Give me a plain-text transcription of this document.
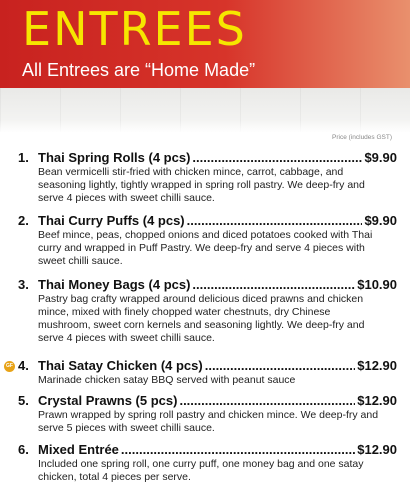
ENTREES
All Entrees are “Home Made”
Price (includes GST)
1. Thai Spring Rolls (4 pcs) .....	$9.90
Bean vermicelli stir-fried with chicken mince, carrot, cabbage, and seasoning lightly, tightly wrapped in spring roll pastry. We deep-fry and serve 4 pieces with sweet chilli sauce.
2. Thai Curry Puffs (4 pcs) .....	$9.90
Beef mince, peas, chopped onions and diced potatoes cooked with Thai curry and wrapped in Puff Pastry. We deep-fry and serve 4 pieces with sweet chilli sauce.
3. Thai Money Bags (4 pcs) .....	$10.90
Pastry bag crafty wrapped around delicious diced prawns and chicken mince, mixed with finely chopped water chestnuts, dry Chinese mushroom, sweet corn kernels and seasoning lightly. We deep-fry and serve 4 pieces with sweet chilli sauce.
GF 4. Thai Satay Chicken (4 pcs) .....	$12.90
Marinade chicken satay BBQ served with peanut sauce
5. Crystal Prawns (5 pcs) .....	$12.90
Prawn wrapped by spring roll pastry and chicken mince. We deep-fry and serve 5 pieces with sweet chilli sauce.
6. Mixed Entrée .....	$12.90
Included one spring roll, one curry puff, one money bag and one satay chicken, total 4 pieces per serve.
